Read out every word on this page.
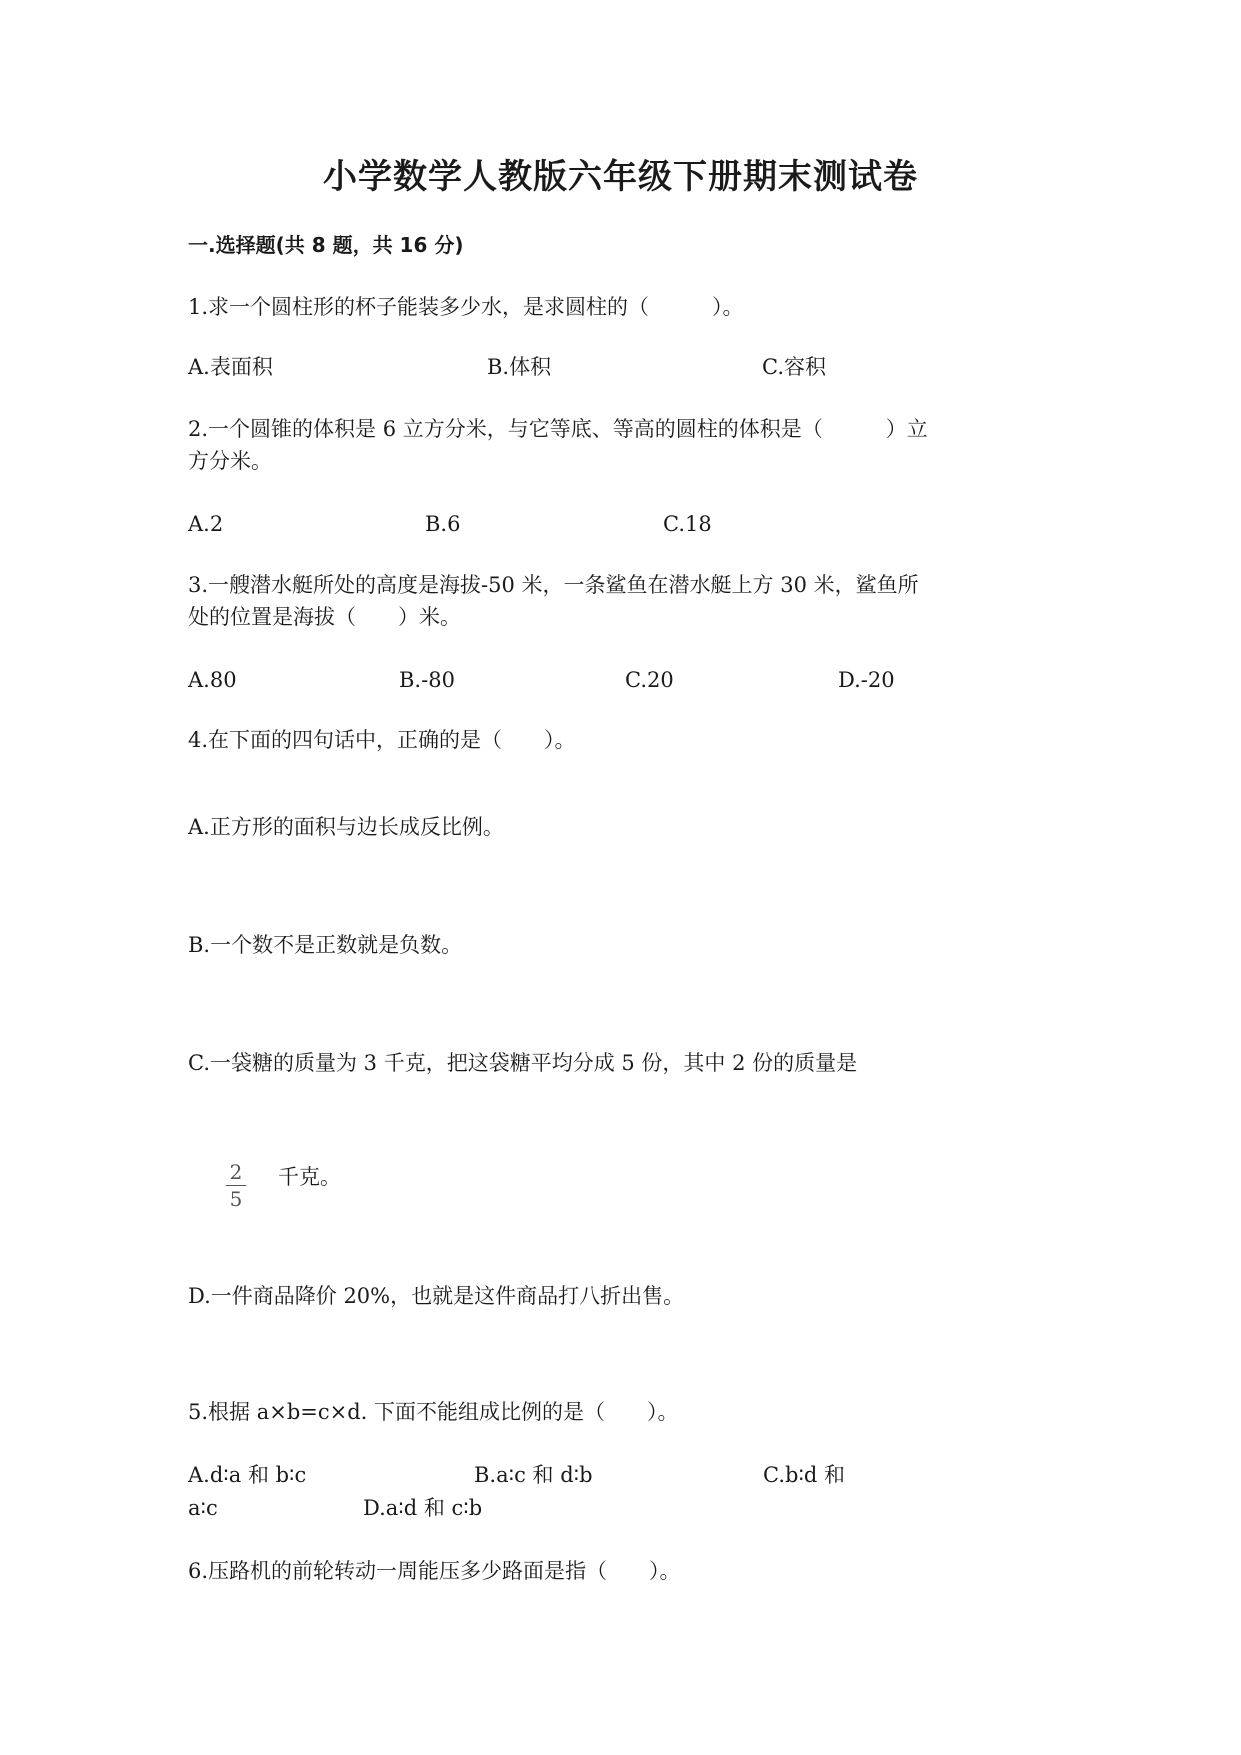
小学数学人教版六年级下册期末测试卷
一.选择题(共 8 题，共 16 分)
1.求一个圆柱形的杯子能装多少水，是求圆柱的（　　　）。
A.表面积	B.体积	C.容积
2.一个圆锥的体积是 6 立方分米，与它等底、等高的圆柱的体积是（　　　）立
方分米。
A.2	B.6	C.18
3.一艘潜水艇所处的高度是海拔-50 米，一条鲨鱼在潜水艇上方 30 米，鲨鱼所
处的位置是海拔（　　）米。
A.80	B.-80	C.20	D.-20
4.在下面的四句话中，正确的是（　　）。
A.正方形的面积与边长成反比例。
B.一个数不是正数就是负数。
C.一袋糖的质量为 3 千克，把这袋糖平均分成 5 份，其中 2 份的质量是
2
5
千克。
D.一件商品降价 20%，也就是这件商品打八折出售。
5.根据 a×b=c×d. 下面不能组成比例的是（　　）。
A.d∶a 和 b∶c	B.a∶c 和 d∶b	C.b∶d 和
a∶c	D.a∶d 和 c∶b
6.压路机的前轮转动一周能压多少路面是指（　　）。
